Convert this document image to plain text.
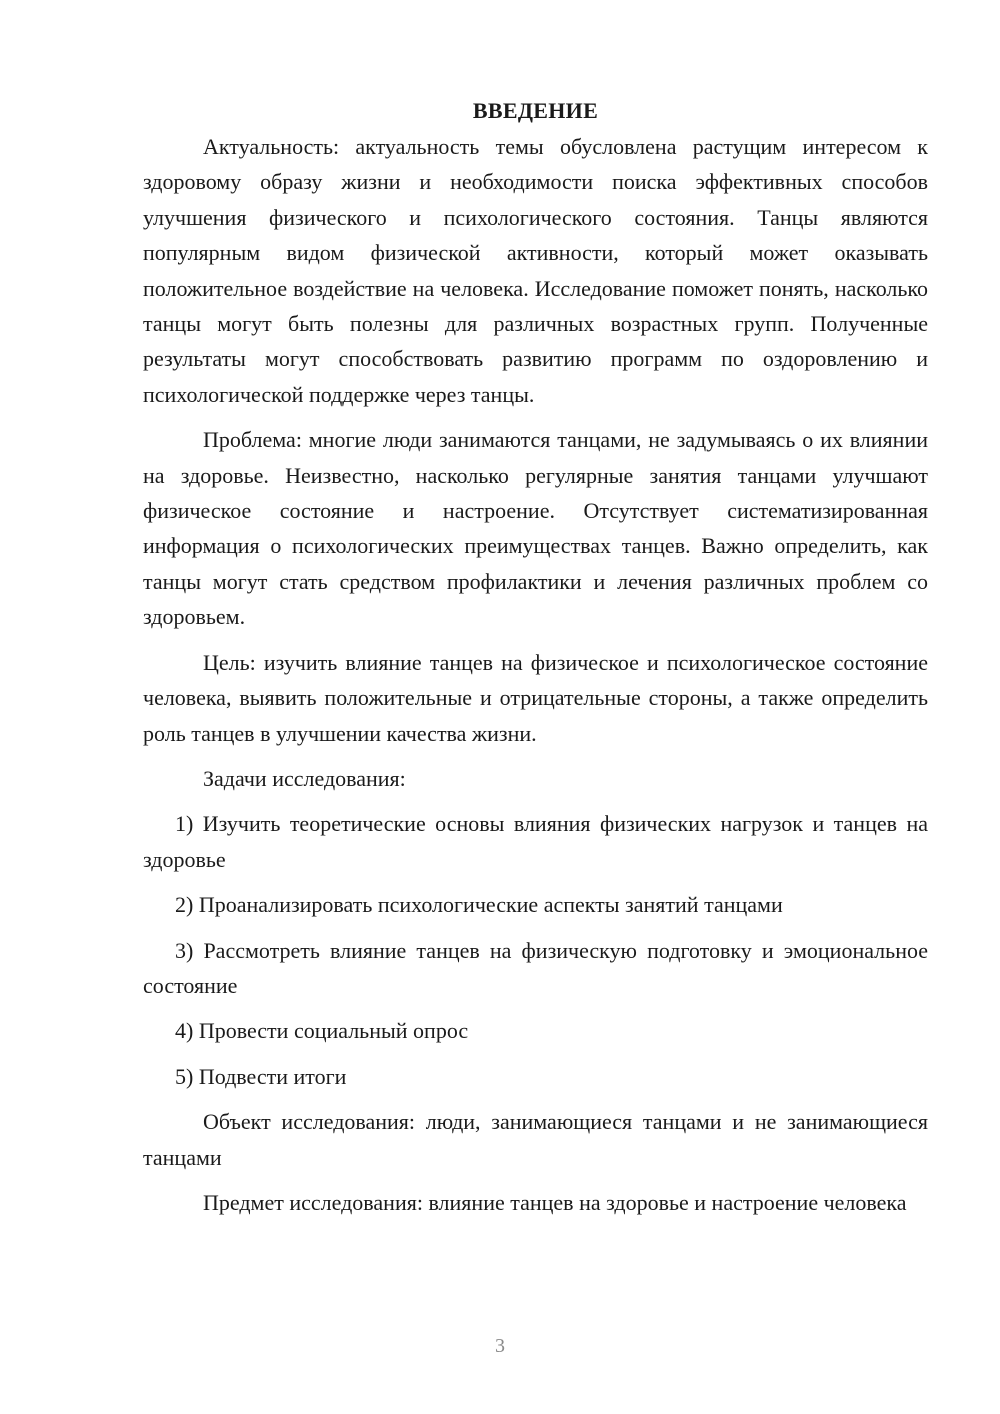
ВВЕДЕНИЕ

Актуальность: актуальность темы обусловлена растущим интересом к здоровому образу жизни и необходимости поиска эффективных способов улучшения физического и психологического состояния. Танцы являются популярным видом физической активности, который может оказывать положительное воздействие на человека. Исследование поможет понять, насколько танцы могут быть полезны для различных возрастных групп. Полученные результаты могут способствовать развитию программ по оздоровлению и психологической поддержке через танцы.

Проблема: многие люди занимаются танцами, не задумываясь о их влиянии на здоровье. Неизвестно, насколько регулярные занятия танцами улучшают физическое состояние и настроение. Отсутствует систематизированная информация о психологических преимуществах танцев. Важно определить, как танцы могут стать средством профилактики и лечения различных проблем со здоровьем.

Цель: изучить влияние танцев на физическое и психологическое состояние человека, выявить положительные и отрицательные стороны, а также определить роль танцев в улучшении качества жизни.

Задачи исследования:

1) Изучить теоретические основы влияния физических нагрузок и танцев на здоровье

2) Проанализировать психологические аспекты занятий танцами

3) Рассмотреть влияние танцев на физическую подготовку и эмоциональное состояние

4) Провести социальный опрос

5) Подвести итоги

Объект исследования: люди, занимающиеся танцами и не занимающиеся танцами

Предмет исследования: влияние танцев на здоровье и настроение человека

3
